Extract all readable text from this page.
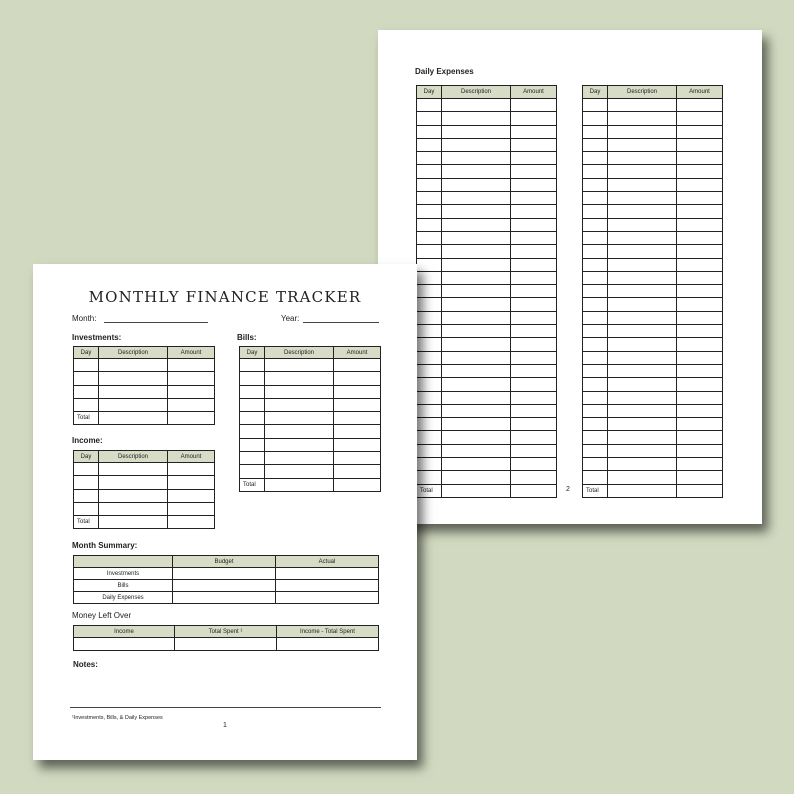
Daily Expenses
Day	Description	Amount

Total		
Day	Description	Amount

Total		
2
MONTHLY FINANCE TRACKER
Month:	Year:
Investments:
Day	Description	Amount

Total		
Bills:
Day	Description	Amount

Total		
Income:
Day	Description	Amount

Total		
Month Summary:
	Budget	Actual
Investments		
Bills		
Daily Expenses		
Money Left Over
Income	Total Spent ¹	Income - Total Spent

Notes:
¹Investments, Bills, & Daily Expenses
1
